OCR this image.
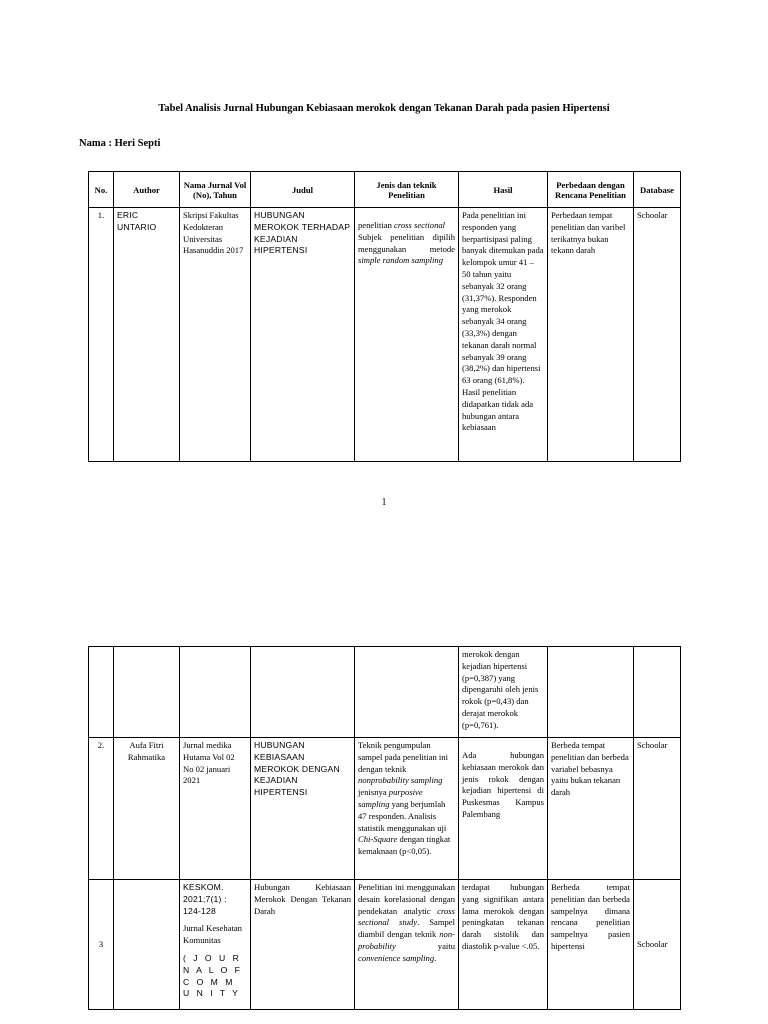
Tabel Analisis Jurnal Hubungan Kebiasaan merokok dengan Tekanan Darah pada pasien Hipertensi
Nama : Heri Septi
No.	Author	Nama Jurnal Vol (No), Tahun	Judul	Jenis dan teknik Penelitian	Hasil	Perbedaan dengan Rencana Penelitian	Database
1.	ERIC UNTARIO	Skripsi Fakultas Kedokteran Universitas Hasanuddin 2017	HUBUNGAN MEROKOK TERHADAP KEJADIAN HIPERTENSI	penelitian cross sectional
Subjek penelitian dipilih menggunakan metode simple random sampling	Pada penelitian ini responden yang berpartisipasi paling banyak ditemukan pada kelompok umur 41 – 50 tahun yaitu sebanyak 32 orang (31,37%). Responden yang merokok sebanyak 34 orang (33,3%) dengan tekanan darah normal sebanyak 39 orang (38,2%) dan hipertensi 63 orang (61,8%). Hasil penelitian didapatkan tidak ada hubungan antara kebiasaan	Perbedaan tempat penelitian dan varibel terikatnya bukan tekann darah	Schoolar
1
					merokok dengan kejadian hipertensi (p=0,387) yang dipengaruhi oleh jenis rokok (p=0,43) dan derajat merokok (p=0,761).		
2.	Aufa Fitri Rahmatika	Jurnal medika Hutama Vol 02 No 02 januari 2021	HUBUNGAN KEBIASAAN MEROKOK DENGAN KEJADIAN HIPERTENSI	Teknik pengumpulan sampel pada penelitian ini dengan teknik nonprobability sampling jenisnya purposive sampling yang berjumlah 47 responden. Analisis statistik menggunakan uji Chi-Square dengan tingkat kemaknaan (p<0,05).	Ada hubungan kebiasaan merokok dan jenis rokok dengan kejadian hipertensi di Puskesmas Kampus Palembang	Berbeda tempat penelitian dan berbeda variabel bebasnya yaitu bukan tekanan darah	Schoolar
3		KESKOM. 2021;7(1) : 124-128

Jurnal Kesehatan Komunitas

( J O U R N A L O F C O M M U N I T Y	Hubungan Kebiasaan Merokok Dengan Tekanan Darah	Penelitian ini menggunakan desain korelasional dengan pendekatan analytic cross sectional study. Sampel diambil dengan teknik non-probability yaitu convenience sampling.	terdapat hubungan yang signifikan antara lama merokok dengan peningkatan tekanan darah sistolik dan diastolik p-value <.05.	Berbeda tempat penelitian dan berbeda sampelnya dimana rencana penelitian sampelnya pasien hipertensi	Schoolar
